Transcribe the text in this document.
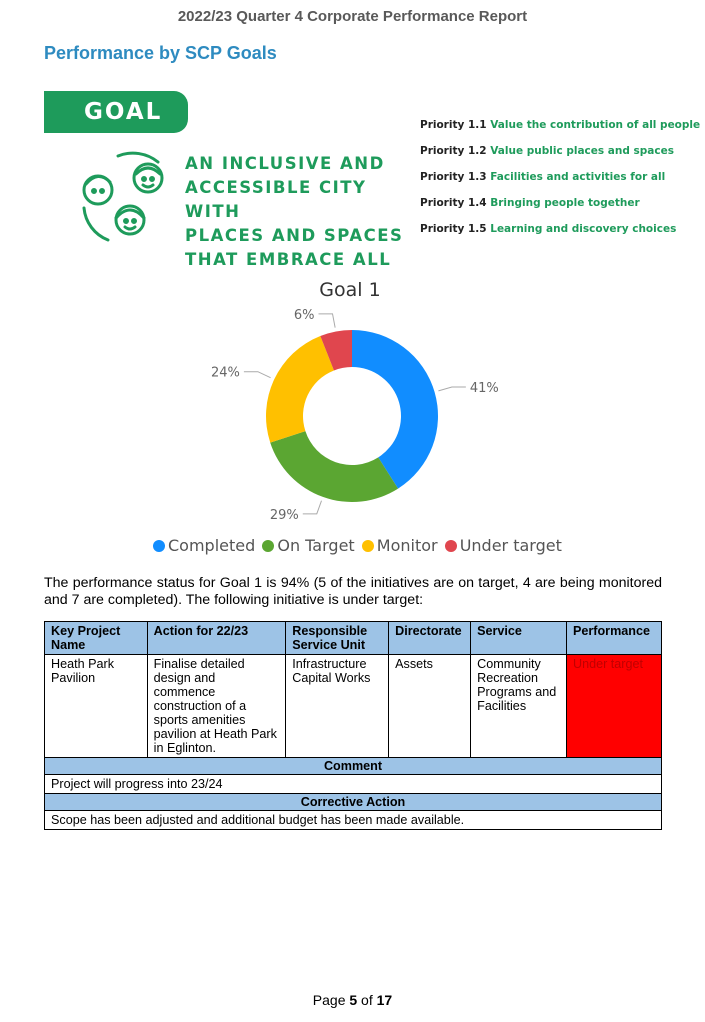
2022/23 Quarter 4 Corporate Performance Report
Performance by SCP Goals
GOAL 1	AN INCLUSIVE AND
ACCESSIBLE CITY WITH
PLACES AND SPACES
THAT EMBRACE ALL
Priority 1.1 Value the contribution of all people
Priority 1.2 Value public places and spaces
Priority 1.3 Facilities and activities for all
Priority 1.4 Bringing people together
Priority 1.5 Learning and discovery choices
Goal 1
41%
29%
24%
6%
Completed On Target Monitor Under target
The performance status for Goal 1 is 94% (5 of the initiatives are on target, 4 are being monitored and 7 are completed). The following initiative is under target:
Key Project Name	Action for 22/23	Responsible Service Unit	Directorate	Service	Performance
Heath Park Pavilion	Finalise detailed design and commence construction of a sports amenities pavilion at Heath Park in Eglinton.	Infrastructure Capital Works	Assets	Community Recreation Programs and Facilities	Under target
Comment					
Project will progress into 23/24					
Corrective Action					
Scope has been adjusted and additional budget has been made available.					
Page 5 of 17
